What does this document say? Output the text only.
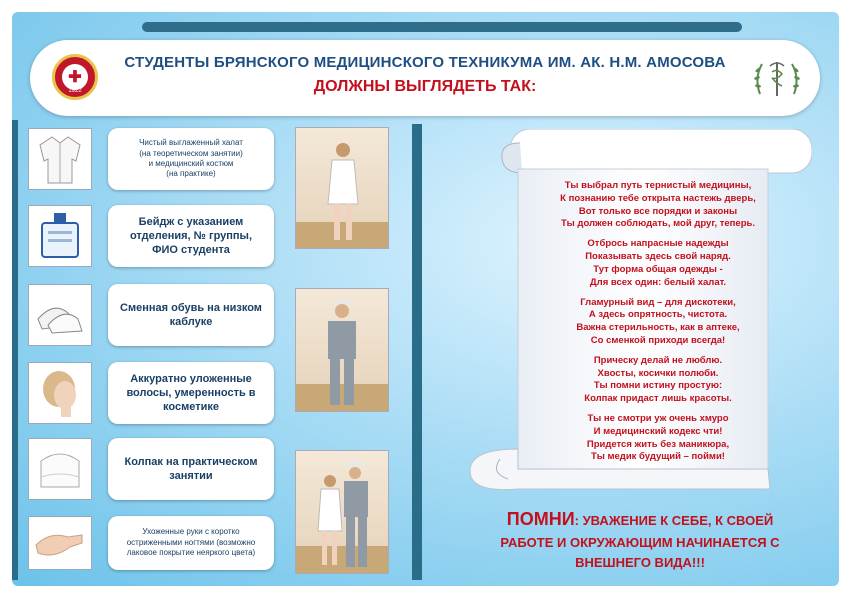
✚
1922
СТУДЕНТЫ БРЯНСКОГО МЕДИЦИНСКОГО ТЕХНИКУМА ИМ. АК. Н.М. АМОСОВА
ДОЛЖНЫ ВЫГЛЯДЕТЬ ТАК:
Чистый выглаженный халат
(на теоретическом занятии)
и медицинский костюм
(на практике)
Бейдж с указанием
отделения, № группы,
ФИО студента
Сменная обувь на низком
каблуке
Аккуратно уложенные
волосы, умеренность в
косметике
Колпак на практическом
занятии
Ухоженные руки с коротко
остриженными ногтями (возможно
лаковое покрытие неяркого цвета)
Ты выбрал путь тернистый медицины,
К познанию тебе открыта настежь дверь,
Вот только все порядки и законы
Ты должен соблюдать, мой друг, теперь.
Отбрось напрасные надежды
Показывать здесь свой наряд.
Тут форма общая одежды -
Для всех один: белый халат.
Гламурный вид – для дискотеки,
А здесь опрятность, чистота.
Важна стерильность, как в аптеке,
Со сменкой приходи всегда!
Прическу делай не люблю.
Хвосты, косички полюби.
Ты помни истину простую:
Колпак придаст лишь красоты.
Ты не смотри уж очень хмуро
И медицинский кодекс чти!
Придется жить без маникюра,
Ты медик будущий – пойми!
ПОМНИ: УВАЖЕНИЕ К СЕБЕ, К СВОЕЙ
РАБОТЕ И ОКРУЖАЮЩИМ НАЧИНАЕТСЯ С
ВНЕШНЕГО ВИДА!!!
